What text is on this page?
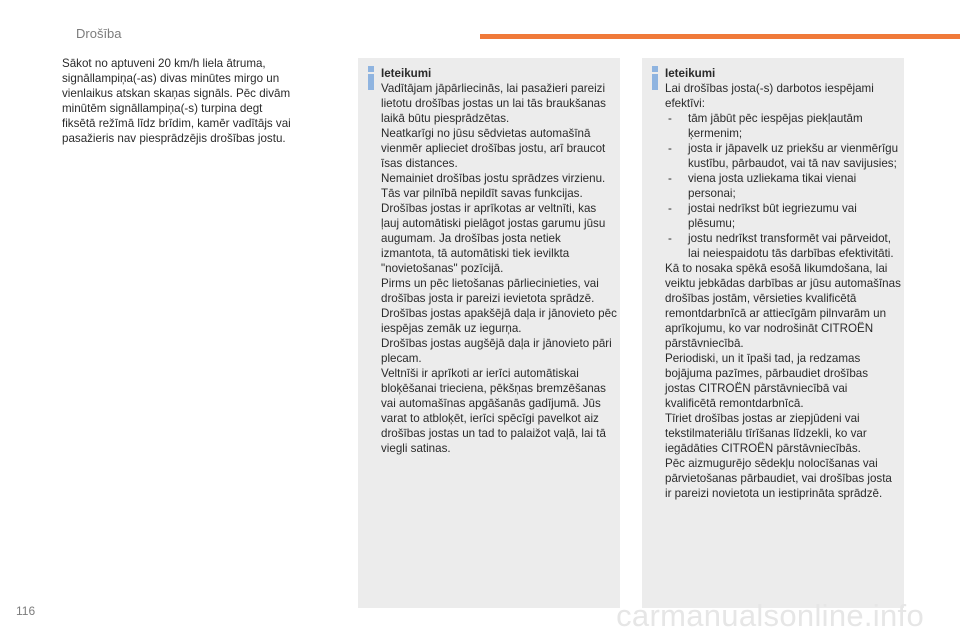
Drošība

Sākot no aptuveni 20 km/h liela ātruma,
signāllampiņa(-as) divas minūtes mirgo un
vienlaikus atskan skaņas signāls. Pēc divām
minūtēm signāllampiņa(-s) turpina degt
fiksētā režīmā līdz brīdim, kamēr vadītājs vai
pasažieris nav piesprādzējis drošības jostu.

Ieteikumi

Vadītājam jāpārliecinās, lai pasažieri pareizi lietotu drošības jostas un lai tās braukšanas laikā būtu piesprādzētas.

Neatkarīgi no jūsu sēdvietas automašīnā vienmēr aplieciet drošības jostu, arī braucot īsas distances.

Nemainiet drošības jostu sprādzes virzienu. Tās var pilnībā nepildīt savas funkcijas.

Drošības jostas ir aprīkotas ar veltnīti, kas ļauj automātiski pielāgot jostas garumu jūsu augumam. Ja drošības josta netiek izmantota, tā automātiski tiek ievilkta "novietošanas" pozīcijā.

Pirms un pēc lietošanas pārliecinieties, vai drošības josta ir pareizi ievietota sprādzē.

Drošības jostas apakšējā daļa ir jānovieto pēc iespējas zemāk uz iegurņa.

Drošības jostas augšējā daļa ir jānovieto pāri plecam.

Veltnīši ir aprīkoti ar ierīci automātiskai bloķēšanai trieciena, pēkšņas bremzēšanas vai automašīnas apgāšanās gadījumā. Jūs varat to atbloķēt, ierīci spēcīgi pavelkot aiz drošības jostas un tad to palaižot vaļā, lai tā viegli satinas.

Ieteikumi

Lai drošības josta(-s) darbotos iespējami efektīvi:

- tām jābūt pēc iespējas piekļautām ķermenim;

- josta ir jāpavelk uz priekšu ar vienmērīgu kustību, pārbaudot, vai tā nav savijusies;

- viena josta uzliekama tikai vienai personai;

- jostai nedrīkst būt iegriezumu vai plēsumu;

- jostu nedrīkst transformēt vai pārveidot, lai neiespaidotu tās darbības efektivitāti.

Kā to nosaka spēkā esošā likumdošana, lai veiktu jebkādas darbības ar jūsu automašīnas drošības jostām, vērsieties kvalificētā remontdarbnīcā ar attiecīgām pilnvarām un aprīkojumu, ko var nodrošināt CITROËN pārstāvniecībā.

Periodiski, un it īpaši tad, ja redzamas bojājuma pazīmes, pārbaudiet drošības jostas CITROËN pārstāvniecībā vai kvalificētā remontdarbnīcā.

Tīriet drošības jostas ar ziepjūdeni vai tekstilmateriālu tīrīšanas līdzekli, ko var iegādāties CITROËN pārstāvniecībās.

Pēc aizmugurējo sēdekļu nolocīšanas vai pārvietošanas pārbaudiet, vai drošības josta ir pareizi novietota un iestiprināta sprādzē.

116	carmanualsonline.info
